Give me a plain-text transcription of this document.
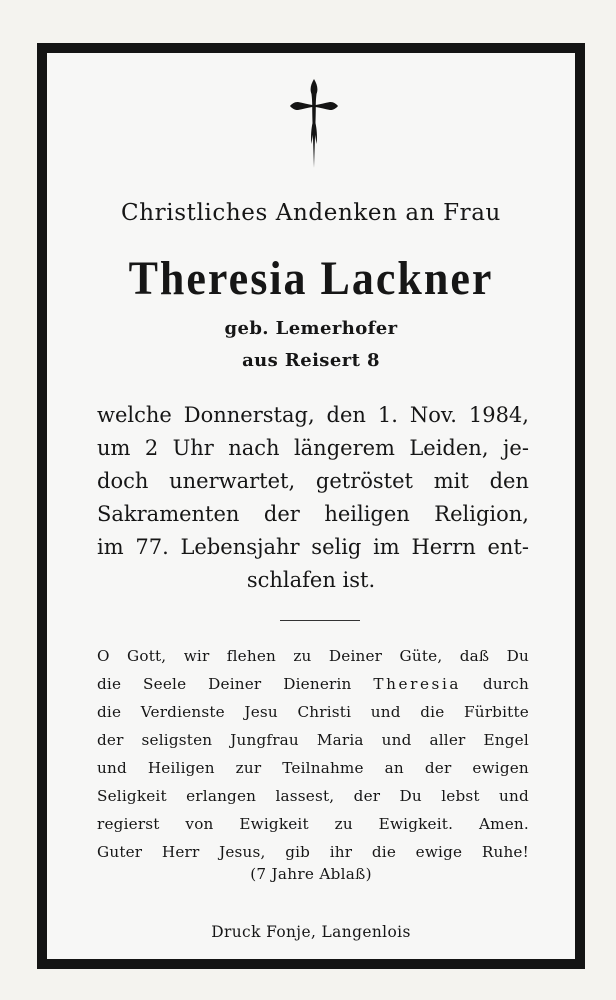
Christliches Andenken an Frau

Theresia Lackner

geb. Lemerhofer

aus Reisert 8

welche Donnerstag, den 1. Nov. 1984,
um 2 Uhr nach längerem Leiden, je-
doch unerwartet, getröstet mit den
Sakramenten der heiligen Religion,
im 77. Lebensjahr selig im Herrn ent-
schlafen ist.
O Gott, wir flehen zu Deiner Güte, daß Du
die Seele Deiner Dienerin Theresia durch
die Verdienste Jesu Christi und die Fürbitte
der seligsten Jungfrau Maria und aller Engel
und Heiligen zur Teilnahme an der ewigen
Seligkeit erlangen lassest, der Du lebst und
regierst von Ewigkeit zu Ewigkeit. Amen.
Guter Herr Jesus, gib ihr die ewige Ruhe!

(7 Jahre Ablaß)

Druck Fonje, Langenlois
